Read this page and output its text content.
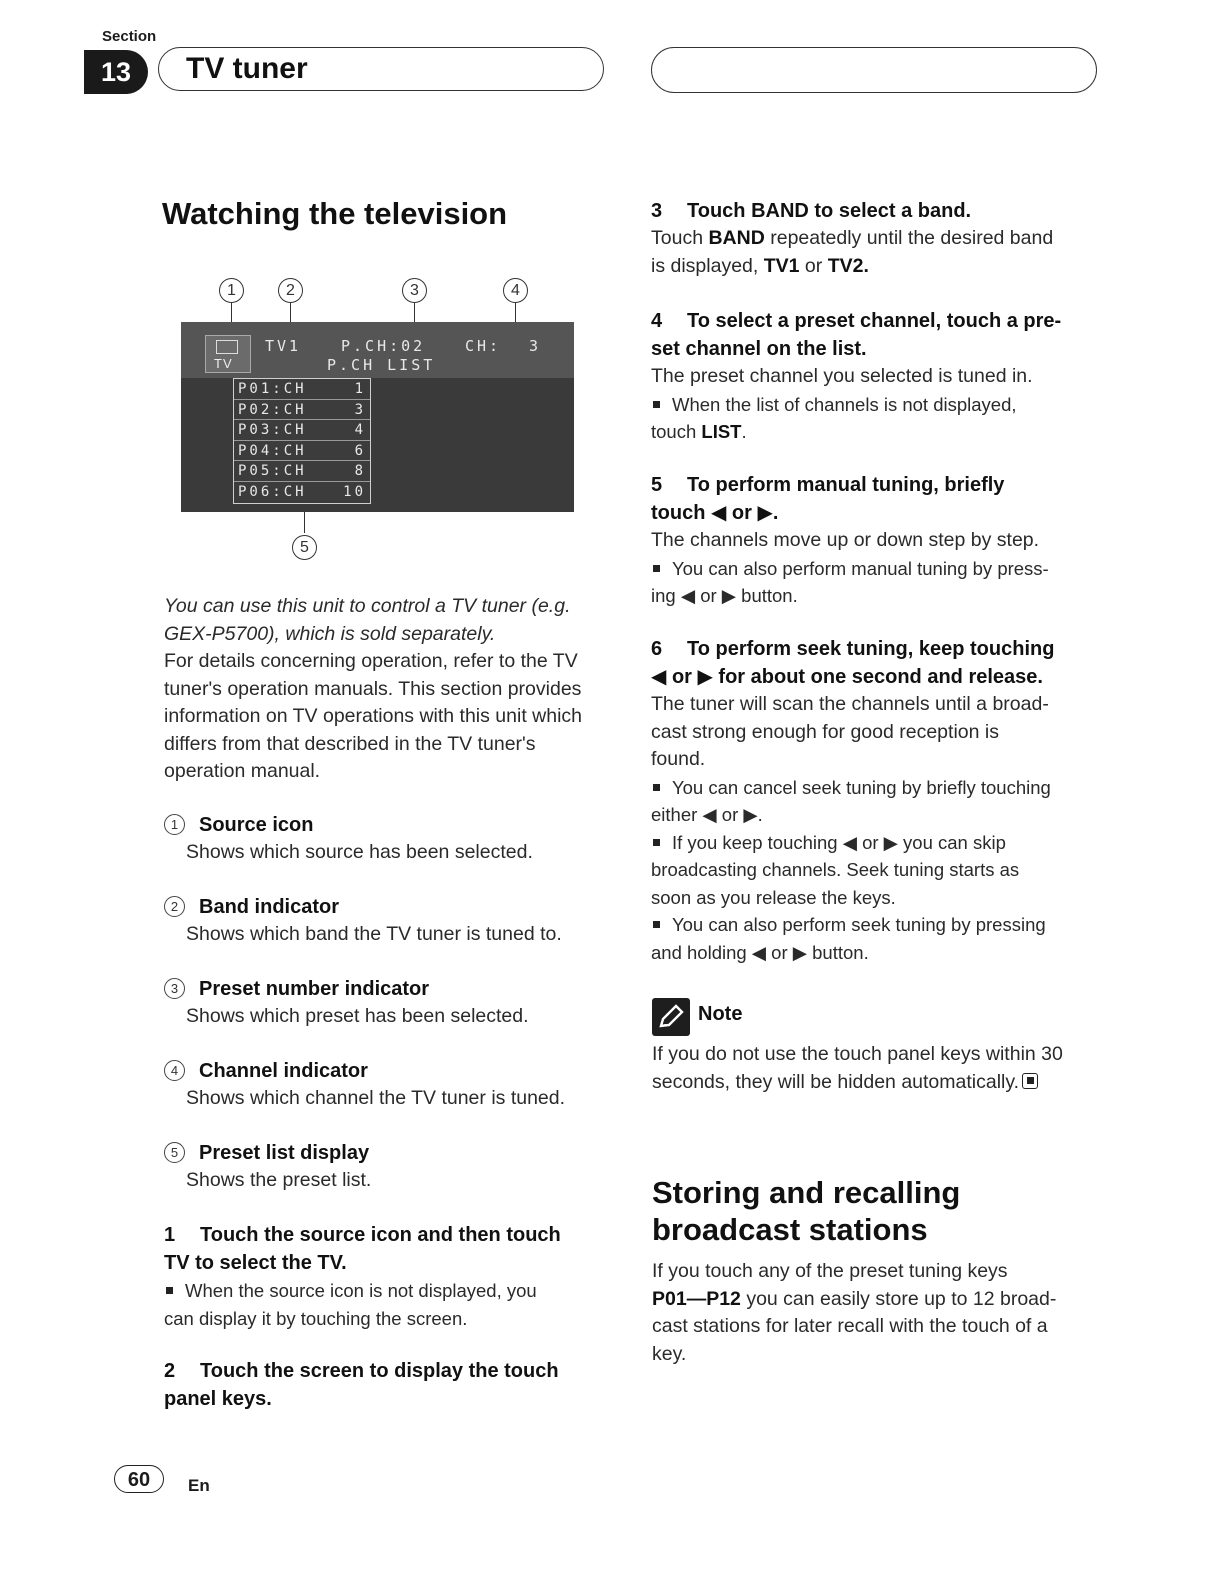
Section
13	TV tuner
Watching the television
1	2	3	4
5
TV
TV1	P.CH:02	CH: 3
P.CH LIST
P01:CH	1
P02:CH	3
P03:CH	4
P04:CH	6
P05:CH	8
P06:CH	10
You can use this unit to control a TV tuner (e.g. GEX-P5700), which is sold separately.
For details concerning operation, refer to the TV tuner's operation manuals. This section provides information on TV operations with this unit which differs from that described in the TV tuner's operation manual.
1 Source icon
Shows which source has been selected.
2 Band indicator
Shows which band the TV tuner is tuned to.
3 Preset number indicator
Shows which preset has been selected.
4 Channel indicator
Shows which channel the TV tuner is tuned.
5 Preset list display
Shows the preset list.
1 Touch the source icon and then touch
TV to select the TV.
When the source icon is not displayed, you
can display it by touching the screen.
2 Touch the screen to display the touch
panel keys.
3 Touch BAND to select a band.
Touch BAND repeatedly until the desired band
is displayed, TV1 or TV2.
4 To select a preset channel, touch a pre-
set channel on the list.
The preset channel you selected is tuned in.
When the list of channels is not displayed,
touch LIST.
5 To perform manual tuning, briefly
touch ◀ or ▶.
The channels move up or down step by step.
You can also perform manual tuning by press-
ing ◀ or ▶ button.
6 To perform seek tuning, keep touching
◀ or ▶ for about one second and release.
The tuner will scan the channels until a broad-
cast strong enough for good reception is
found.
You can cancel seek tuning by briefly touching
either ◀ or ▶.
If you keep touching ◀ or ▶ you can skip
broadcasting channels. Seek tuning starts as
soon as you release the keys.
You can also perform seek tuning by pressing
and holding ◀ or ▶ button.
Note
If you do not use the touch panel keys within 30
seconds, they will be hidden automatically.
Storing and recalling
broadcast stations
If you touch any of the preset tuning keys
P01—P12 you can easily store up to 12 broad-
cast stations for later recall with the touch of a
key.
60	En
